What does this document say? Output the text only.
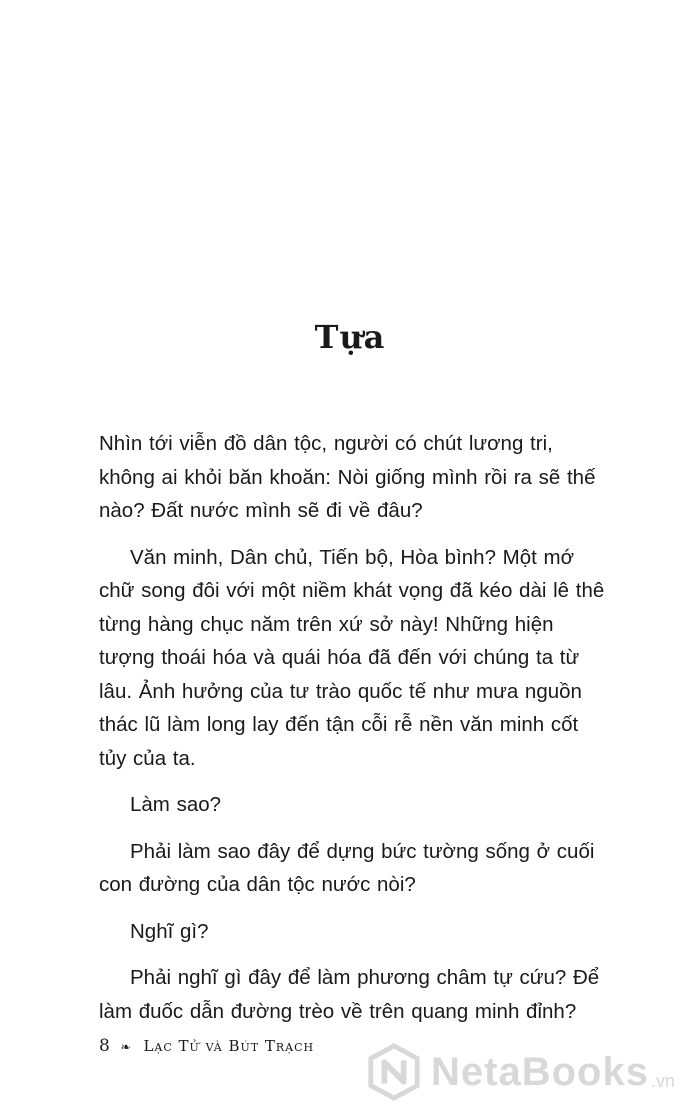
Tựa

Nhìn tới viễn đồ dân tộc, người có chút lương tri, không ai khỏi băn khoăn: Nòi giống mình rồi ra sẽ thế nào? Đất nước mình sẽ đi về đâu?

Văn minh, Dân chủ, Tiến bộ, Hòa bình? Một mớ chữ song đôi với một niềm khát vọng đã kéo dài lê thê từng hàng chục năm trên xứ sở này! Những hiện tượng thoái hóa và quái hóa đã đến với chúng ta từ lâu. Ảnh hưởng của tư trào quốc tế như mưa nguồn thác lũ làm long lay đến tận cỗi rễ nền văn minh cốt tủy của ta.

Làm sao?

Phải làm sao đây để dựng bức tường sống ở cuối con đường của dân tộc nước nòi?

Nghĩ gì?

Phải nghĩ gì đây để làm phương châm tự cứu? Để làm đuốc dẫn đường trèo về trên quang minh đỉnh?

8 ❧ Lạc Tử và Bút Trạch
NetaBooks .vn
